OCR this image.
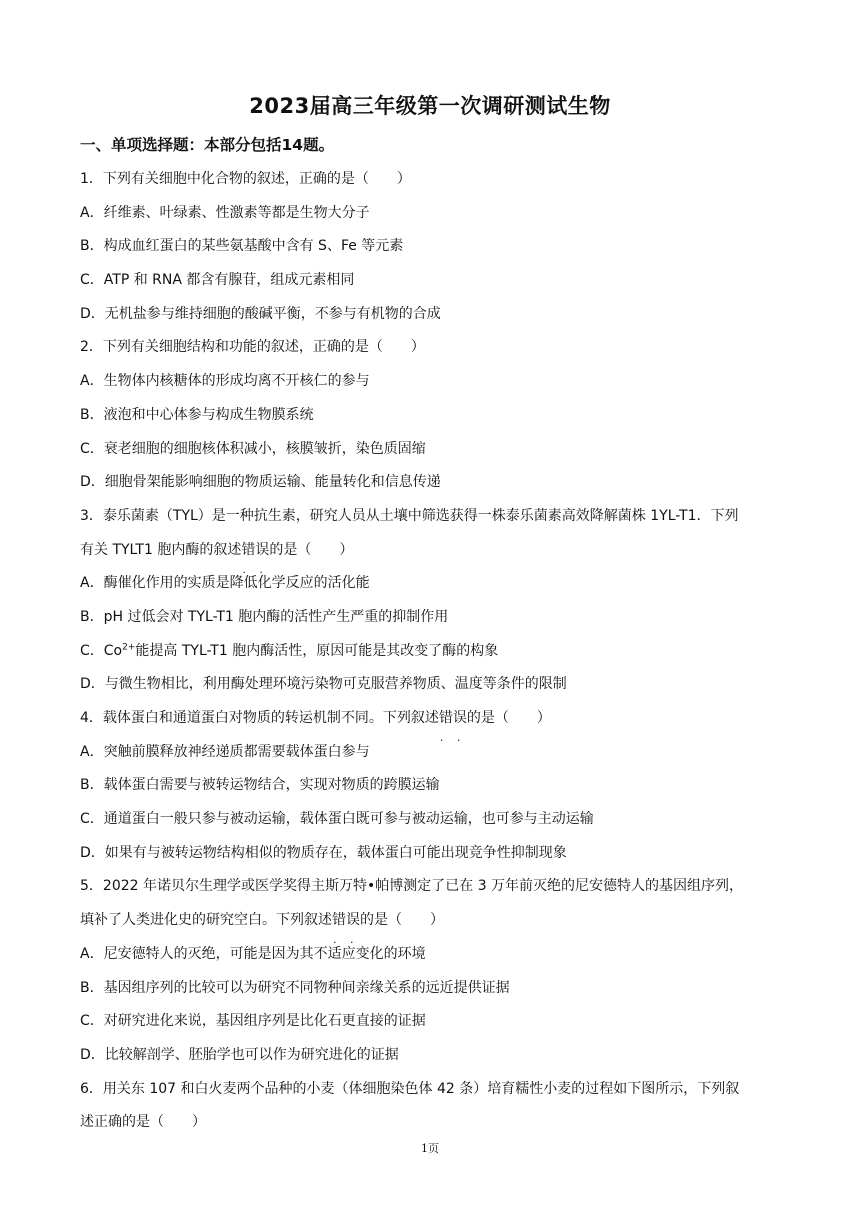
2023届高三年级第一次调研测试生物
一、单项选择题：本部分包括14题。
1．下列有关细胞中化合物的叙述，正确的是（　　）
A．纤维素、叶绿素、性激素等都是生物大分子
B．构成血红蛋白的某些氨基酸中含有 S、Fe 等元素
C．ATP 和 RNA 都含有腺苷，组成元素相同
D．无机盐参与维持细胞的酸碱平衡，不参与有机物的合成
2．下列有关细胞结构和功能的叙述，正确的是（　　）
A．生物体内核糖体的形成均离不开核仁的参与
B．液泡和中心体参与构成生物膜系统
C．衰老细胞的细胞核体积减小，核膜皱折，染色质固缩
D．细胞骨架能影响细胞的物质运输、能量转化和信息传递
3．泰乐菌素（TYL）是一种抗生素，研究人员从土壤中筛选获得一株泰乐菌素高效降解菌株 1YL-T1．下列
有关 TYLT1 胞内酶的叙述错误 · ·的是（　　）
A．酶催化作用的实质是降低化学反应的活化能
B．pH 过低会对 TYL-T1 胞内酶的活性产生严重的抑制作用
C．$Co^{2+}$能提高 TYL-T1 胞内酶活性，原因可能是其改变了酶的构象
D．与微生物相比，利用酶处理环境污染物可克服营养物质、温度等条件的限制
4．载体蛋白和通道蛋白对物质的转运机制不同。下列叙述错误 · ·的是（　　）
A．突触前膜释放神经递质都需要载体蛋白参与
B．载体蛋白需要与被转运物结合，实现对物质的跨膜运输
C．通道蛋白一般只参与被动运输，载体蛋白既可参与被动运输，也可参与主动运输
D．如果有与被转运物结构相似的物质存在，载体蛋白可能出现竞争性抑制现象
5．2022 年诺贝尔生理学或医学奖得主斯万特•帕博测定了已在 3 万年前灭绝的尼安德特人的基因组序列，
填补了人类进化史的研究空白。下列叙述错误 · ·的是（　　）
A．尼安德特人的灭绝，可能是因为其不适应变化的环境
B．基因组序列的比较可以为研究不同物种间亲缘关系的远近提供证据
C．对研究进化来说，基因组序列是比化石更直接的证据
D．比较解剖学、胚胎学也可以作为研究进化的证据
6．用关东 107 和白火麦两个品种的小麦（体细胞染色体 42 条）培育糯性小麦的过程如下图所示，下列叙
述正确的是（　　）
1页
